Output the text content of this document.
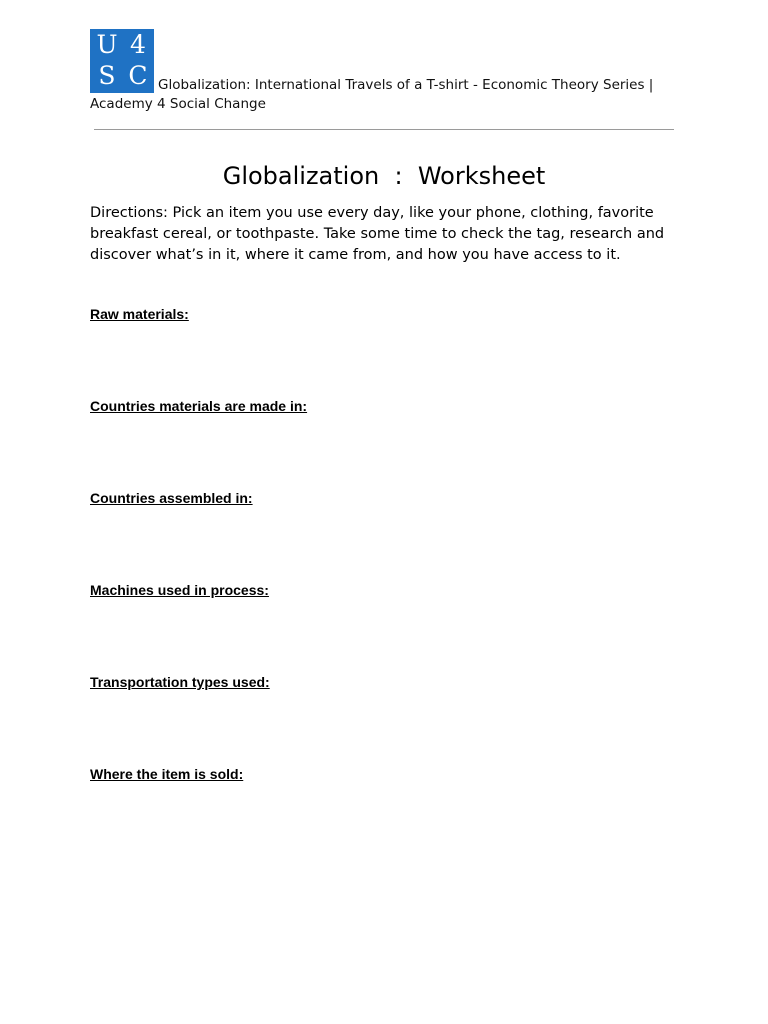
U 4
S C Globalization: International Travels of a T-shirt - Economic Theory Series | Academy 4 Social Change
Globalization  :  Worksheet
Directions: Pick an item you use every day, like your phone, clothing, favorite breakfast cereal, or toothpaste. Take some time to check the tag, research and discover what’s in it, where it came from, and how you have access to it.
Raw materials:
Countries materials are made in:
Countries assembled in:
Machines used in process:
Transportation types used:
Where the item is sold:
